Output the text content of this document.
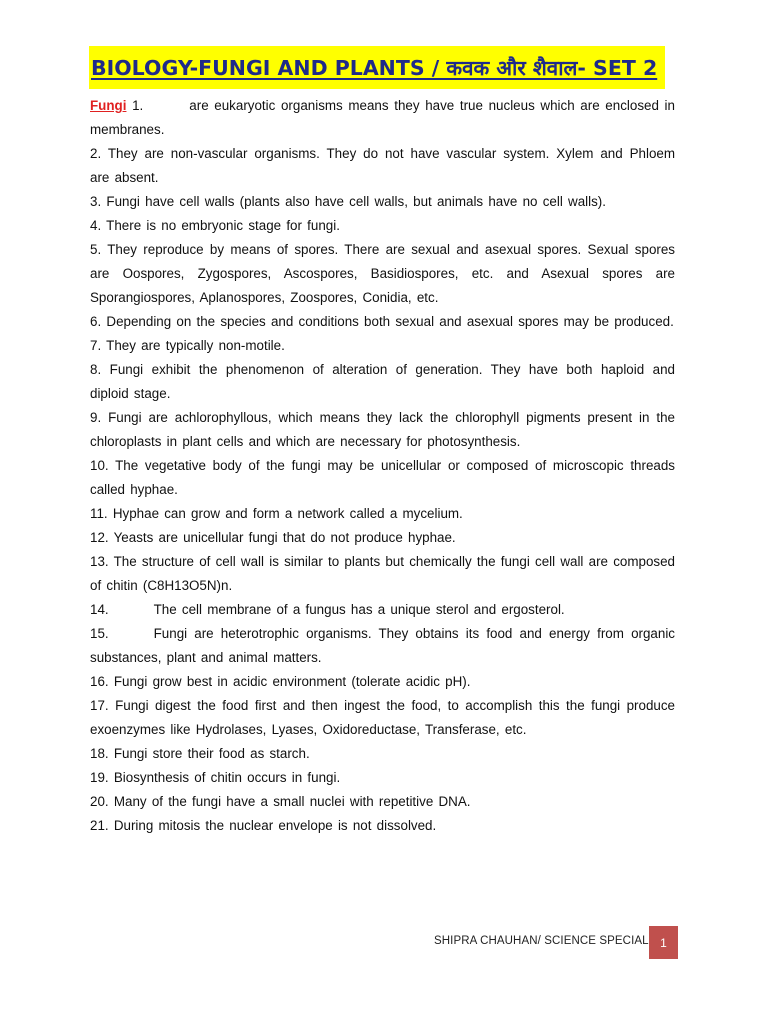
BIOLOGY-FUNGI AND PLANTS / कवक और शैवाल- SET 2

Fungi 1.	are eukaryotic organisms means they have true nucleus which are enclosed in membranes.

2. They are non-vascular organisms. They do not have vascular system. Xylem and Phloem are absent.

3. Fungi have cell walls (plants also have cell walls, but animals have no cell walls).

4. There is no embryonic stage for fungi.

5. They reproduce by means of spores. There are sexual and asexual spores. Sexual spores are Oospores, Zygospores, Ascospores, Basidiospores, etc. and Asexual spores are Sporangiospores, Aplanospores, Zoospores, Conidia, etc.

6. Depending on the species and conditions both sexual and asexual spores may be produced.

7. They are typically non-motile.

8. Fungi exhibit the phenomenon of alteration of generation. They have both haploid and diploid stage.

9. Fungi are achlorophyllous, which means they lack the chlorophyll pigments present in the chloroplasts in plant cells and which are necessary for photosynthesis.

10. The vegetative body of the fungi may be unicellular or composed of microscopic threads called hyphae.

11. Hyphae can grow and form a network called a mycelium.

12. Yeasts are unicellular fungi that do not produce hyphae.

13. The structure of cell wall is similar to plants but chemically the fungi cell wall are composed of chitin (C8H13O5N)n.

14.	The cell membrane of a fungus has a unique sterol and ergosterol.

15.	Fungi are heterotrophic organisms. They obtains its food and energy from organic substances, plant and animal matters.

16. Fungi grow best in acidic environment (tolerate acidic pH).

17. Fungi digest the food first and then ingest the food, to accomplish this the fungi produce exoenzymes like Hydrolases, Lyases, Oxidoreductase, Transferase, etc.

18. Fungi store their food as starch.

19. Biosynthesis of chitin occurs in fungi.

20. Many of the fungi have a small nuclei with repetitive DNA.

21. During mitosis the nuclear envelope is not dissolved.

SHIPRA CHAUHAN/ SCIENCE SPECIAL 1
